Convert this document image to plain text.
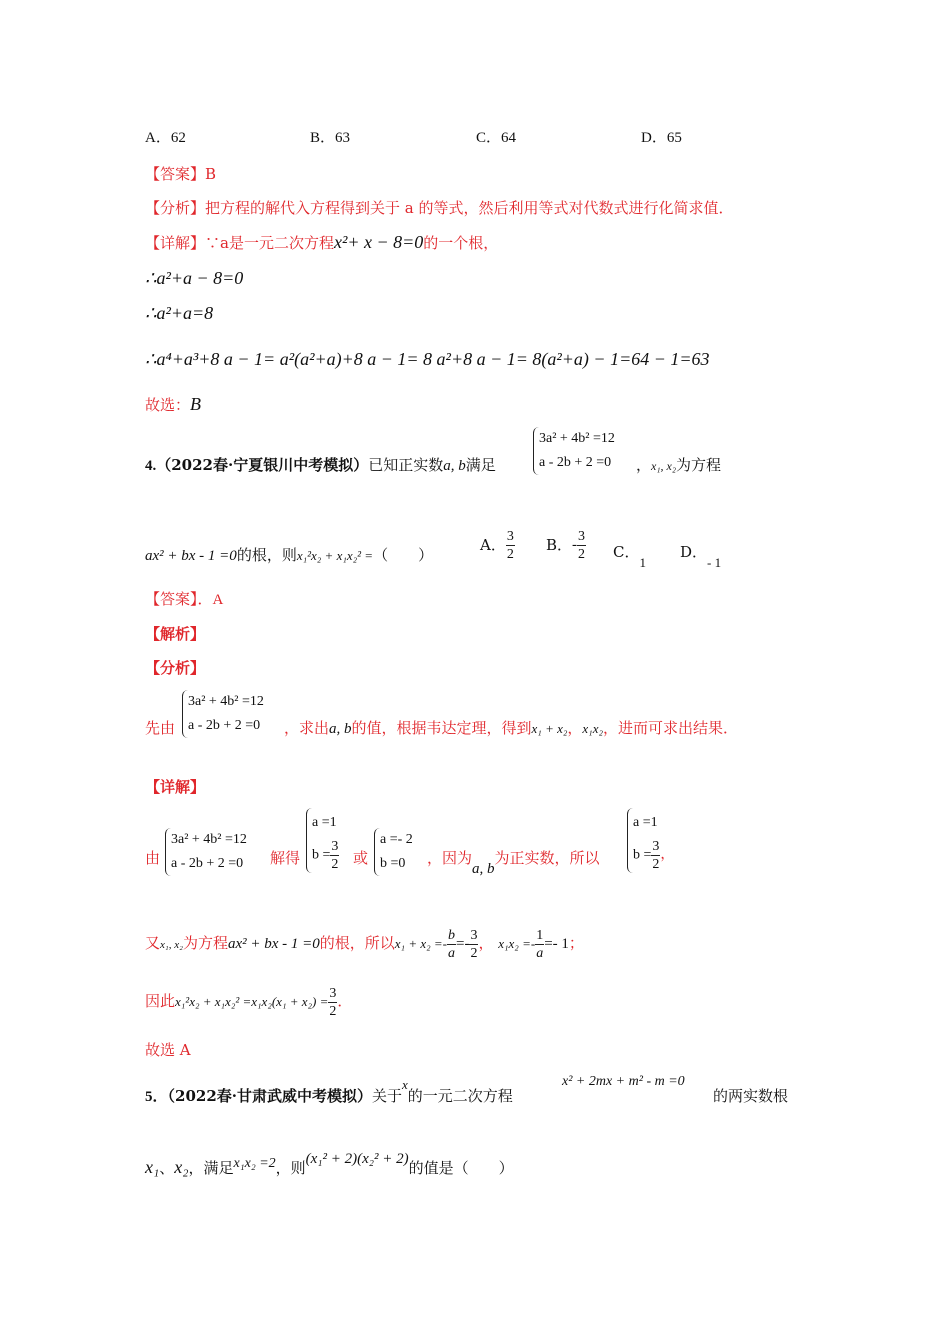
A．62	B．63	C．64	D．65
【答案】B
【分析】把方程的解代入方程得到关于 a 的等式，然后利用等式对代数式进行化简求值．
【详解】∵a是一元二次方程x²+ x − 8=0的一个根，
∴a²+a − 8=0
∴a²+a=8
∴a⁴+a³+8 a − 1= a²(a²+a)+8 a − 1= 8 a²+8 a − 1= 8(a²+a) − 1=64 − 1=63
故选：B
4.（2022春·宁夏银川中考模拟）已知正实数a, b满足
3a² + 4b² =12
a - 2b + 2 =0 ，x₁, x₂为方程
ax² + bx - 1 =0的根，则x₁²x₂ + x₁x₂² =（　　）
A． $\frac{3}{2}$ B．- $\frac{3}{2}$ C．1
D．- 1
【答案】．A
【解析】
【分析】
先由
3a² + 4b² =12
a - 2b + 2 =0 ，求出a, b的值，根据韦达定理，得到x₁ + x₂，x₁x₂，进而可求出结果．
【详解】
由
3a² + 4b² =12
a - 2b + 2 =0 解得
a =1
$b = \frac{3}{2}$ 或
a =- 2
b =0	，因为a, b为正实数，所以
a =1
$b = \frac{3}{2}$ ，
又x₁, x₂为方程ax² + bx - 1 =0的根，所以$x_1 + x_2 =- \frac{b}{a} =- \frac{3}{2}$ ， $x_1x_2 =- \frac{1}{a} =- 1$；
因此$x_1^2x_2 + x_1x_2^2 =x_1x_2(x_1 + x_2) = \frac{3}{2}$ ．
故选 A
5．（2022春·甘肃武威中考模拟）关于x的一元二次方程
x² + 2mx + m² - m =0
的两实数根
x₁、x₂，满足x₁x₂ =2，则(x₁² + 2)(x₂² + 2)的值是（　　）
